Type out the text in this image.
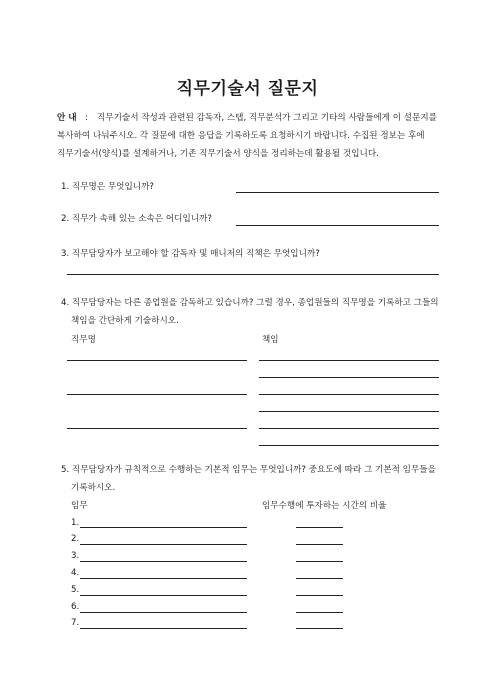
직무기술서 질문지
안 내 : 직무기술서 작성과 관련된 감독자, 스탭, 직무분석가 그리고 기타의 사람들에게 이 설문지를
복사하여 나눠주시오. 각 질문에 대한 응답을 기록하도록 요청하시기 바랍니다. 수집된 정보는 후에
직무기술서(양식)를 설계하거나, 기존 직무기술서 양식을 정리하는데 활용될 것입니다.
1. 직무명은 무엇입니까?
2. 직무가 속해 있는 소속은 어디입니까?
3. 직무담당자가 보고해야 할 감독자 및 매니저의 직책은 무엇입니까?
4. 직무담당자는 다른 종업원을 감독하고 있습니까? 그럴 경우, 종업원들의 직무명을 기록하고 그들의
책임을 간단하게 기술하시오.
직무명	책임
5. 직무담당자가 규칙적으로 수행하는 기본적 임무는 무엇입니까? 중요도에 따라 그 기본적 임무들을
기록하시오.
임무	임무수행에 투자하는 시간의 비율
1.
2.
3.
4.
5.
6.
7.
